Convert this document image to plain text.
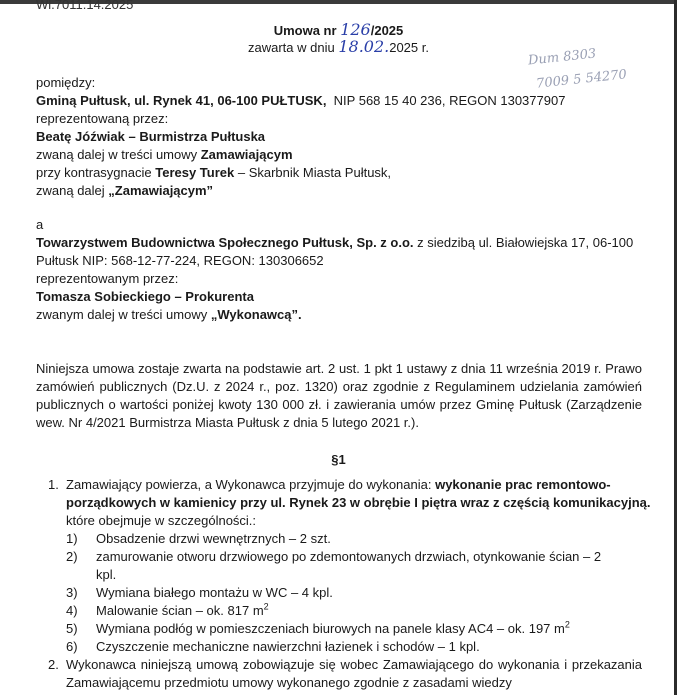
Wl.7011.14.2025
Umowa nr 126/2025
zawarta w dniu 18.02.2025 r.	Dum 8303
7009 5 54270
pomiędzy:
Gminą Pułtusk, ul. Rynek 41, 06-100 PUŁTUSK, NIP 568 15 40 236, REGON 130377907
reprezentowaną przez:
Beatę Jóźwiak – Burmistrza Pułtuska
zwaną dalej w treści umowy Zamawiającym
przy kontrasygnacie Teresy Turek – Skarbnik Miasta Pułtusk,
zwaną dalej „Zamawiającym”
a
Towarzystwem Budownictwa Społecznego Pułtusk, Sp. z o.o. z siedzibą ul. Białowiejska 17, 06-100
Pułtusk NIP: 568-12-77-224, REGON: 130306652
reprezentowanym przez:
Tomasza Sobieckiego – Prokurenta
zwanym dalej w treści umowy „Wykonawcą”.
Niniejsza umowa zostaje zwarta na podstawie art. 2 ust. 1 pkt 1 ustawy z dnia 11 września 2019 r. Prawo zamówień publicznych (Dz.U. z 2024 r., poz. 1320) oraz zgodnie z Regulaminem udzielania zamówień publicznych o wartości poniżej kwoty 130 000 zł. i zawierania umów przez Gminę Pułtusk (Zarządzenie wew. Nr 4/2021 Burmistrza Miasta Pułtusk z dnia 5 lutego 2021 r.).
§1
1. Zamawiający powierza, a Wykonawca przyjmuje do wykonania: wykonanie prac remontowo-
porządkowych w kamienicy przy ul. Rynek 23 w obrębie I piętra wraz z częścią komunikacyjną.
które obejmuje w szczególności.:
1) Obsadzenie drzwi wewnętrznych – 2 szt.
2) zamurowanie otworu drzwiowego po zdemontowanych drzwiach, otynkowanie ścian – 2
kpl.
3) Wymiana białego montażu w WC – 4 kpl.
4) Malowanie ścian – ok. 817 $m^2$
5) Wymiana podłóg w pomieszczeniach biurowych na panele klasy AC4 – ok. 197 $m^2$
6) Czyszczenie mechaniczne nawierzchni łazienek i schodów – 1 kpl.
2. Wykonawca niniejszą umową zobowiązuje się wobec Zamawiającego do wykonania i przekazania Zamawiającemu przedmiotu umowy wykonanego zgodnie z zasadami wiedzy
